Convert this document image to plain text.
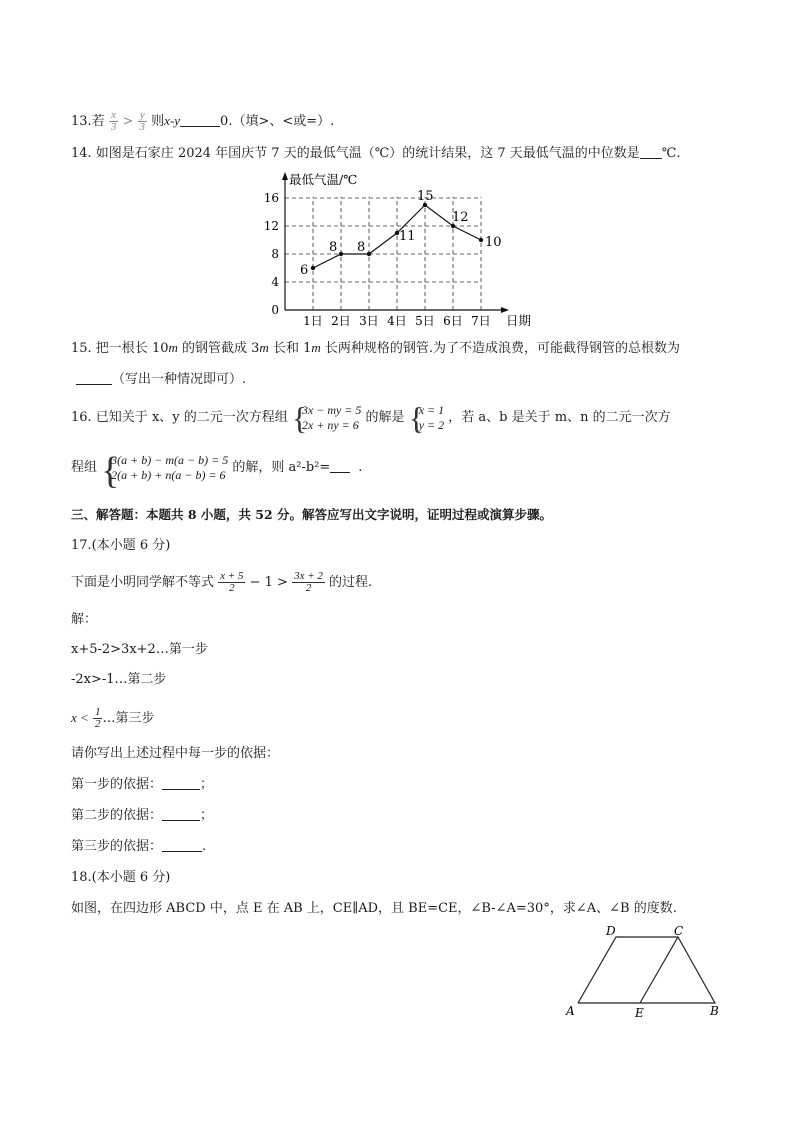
13.若 $\frac{x}{3} > \frac{y}{3}$ 则x-y	0.（填>、<或=）.
14. 如图是石家庄 2024 年国庆节 7 天的最低气温（℃）的统计结果，这 7 天最低气温的中位数是 ℃.
0
4
8
12
16
1日 2日 3日 4日 5日 6日 7日
最低气温/℃
日期
6
8 8
11
15
12
10
15. 把一根长 10m 的钢管截成 3m 长和 1m 长两种规格的钢管.为了不造成浪费，可能截得钢管的总根数为
（写出一种情况即可）.
16. 已知关于 x、y 的二元一次方程组 {
3x − my = 5
2x + ny = 6 的解是 {
x = 1
y = 2 ，若 a、b 是关于 m、n 的二元一次方
程组 {
3(a + b) − m(a − b) = 5
2(a + b) + n(a − b) = 6 的解，则 a²-b²= .
三、解答题：本题共 8 小题，共 52 分。解答应写出文字说明，证明过程或演算步骤。
17.(本小题 6 分)
下面是小明同学解不等式 $\frac{x + 5}{2} - 1 > \frac{3x + 2}{2}$ 的过程.
解：
x+5-2>3x+2…第一步
-2x>-1…第二步
$x < \frac{1}{2}$ …第三步
请你写出上述过程中每一步的依据：
第一步的依据：	；
第二步的依据：	；
第三步的依据：	.
18.(本小题 6 分)
如图，在四边形 ABCD 中，点 E 在 AB 上，CE∥AD，且 BE=CE，∠B-∠A=30°，求∠A、∠B 的度数.
D	C
A	E	B
